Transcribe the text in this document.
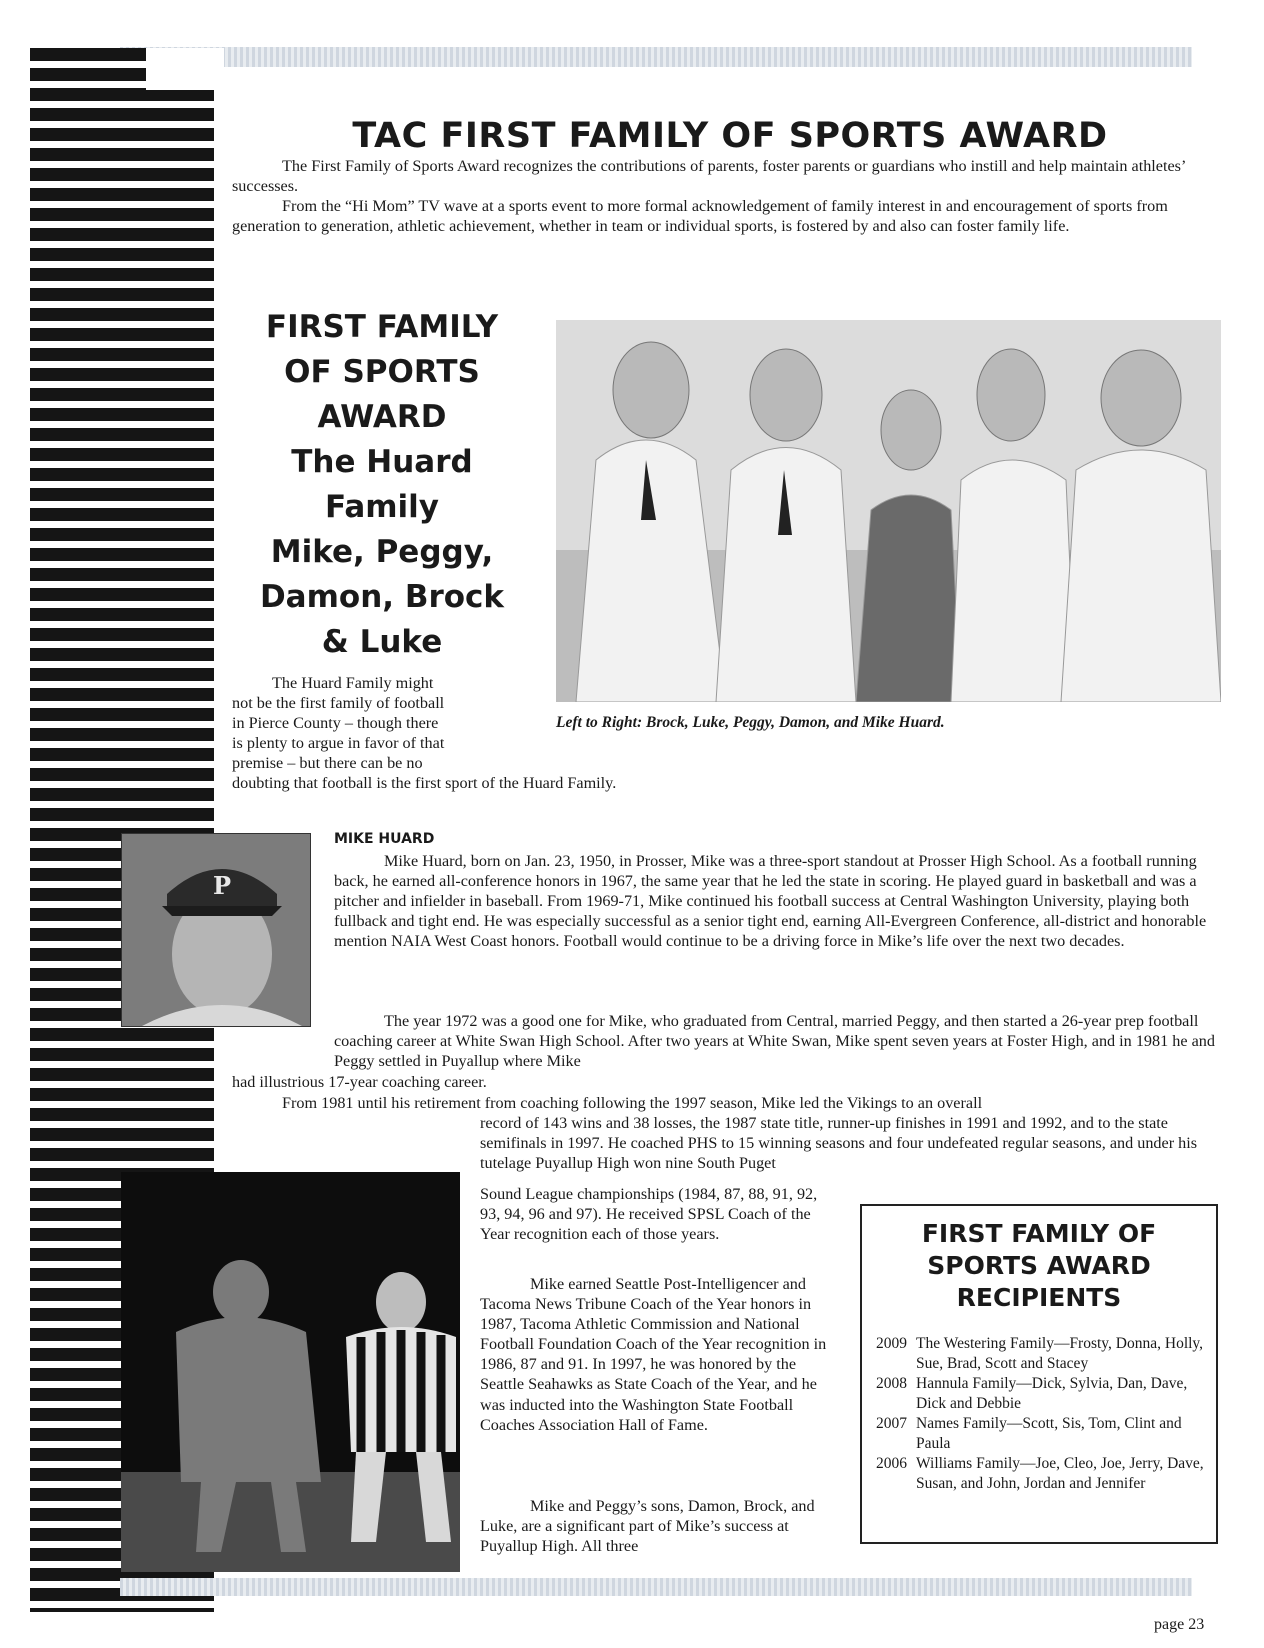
TAC FIRST FAMILY OF SPORTS AWARD

The First Family of Sports Award recognizes the contributions of parents, foster parents or guardians who instill and help maintain athletes’ successes.

From the “Hi Mom” TV wave at a sports event to more formal acknowledgement of family interest in and encouragement of sports from generation to generation, athletic achievement, whether in team or individual sports, is fostered by and also can foster family life.

FIRST FAMILY
OF SPORTS
AWARD
The Huard
Family
Mike, Peggy,
Damon, Brock
& Luke
Left to Right: Brock, Luke, Peggy, Damon, and Mike Huard.
The Huard Family might
not be the first family of football
in Pierce County – though there
is plenty to argue in favor of that
premise – but there can be no
doubting that football is the first sport of the Huard Family.
P
MIKE HUARD

Mike Huard, born on Jan. 23, 1950, in Prosser, Mike was a three-sport standout at Prosser High School. As a football running back, he earned all-conference honors in 1967, the same year that he led the state in scoring. He played guard in basketball and was a pitcher and infielder in baseball. From 1969-71, Mike continued his football success at Central Washington University, playing both fullback and tight end. He was especially successful as a senior tight end, earning All-Evergreen Conference, all-district and honorable mention NAIA West Coast honors. Football would continue to be a driving force in Mike’s life over the next two decades.

The year 1972 was a good one for Mike, who graduated from Central, married Peggy, and then started a 26-year prep football coaching career at White Swan High School. After two years at White Swan, Mike spent seven years at Foster High, and in 1981 he and Peggy settled in Puyallup where Mike

had illustrious 17-year coaching career.

From 1981 until his retirement from coaching following the 1997 season, Mike led the Vikings to an overall

record of 143 wins and 38 losses, the 1987 state title, runner-up finishes in 1991 and 1992, and to the state semifinals in 1997. He coached PHS to 15 winning seasons and four undefeated regular seasons, and under his tutelage Puyallup High won nine South Puget

Sound League championships (1984, 87, 88, 91, 92, 93, 94, 96 and 97). He received SPSL Coach of the Year recognition each of those years.

Mike earned Seattle Post-Intelligencer and Tacoma News Tribune Coach of the Year honors in 1987, Tacoma Athletic Commission and National Football Foundation Coach of the Year recognition in 1986, 87 and 91. In 1997, he was honored by the Seattle Seahawks as State Coach of the Year, and he was inducted into the Washington State Football Coaches Association Hall of Fame.

Mike and Peggy’s sons, Damon, Brock, and Luke, are a significant part of Mike’s success at Puyallup High. All three

FIRST FAMILY OF
SPORTS AWARD
RECIPIENTS
2009 The Westering Family—Frosty, Donna, Holly, Sue, Brad, Scott and Stacey
2008 Hannula Family—Dick, Sylvia, Dan, Dave, Dick and Debbie
2007 Names Family—Scott, Sis, Tom, Clint and Paula
2006 Williams Family—Joe, Cleo, Joe, Jerry, Dave, Susan, and John, Jordan and Jennifer
page 23
